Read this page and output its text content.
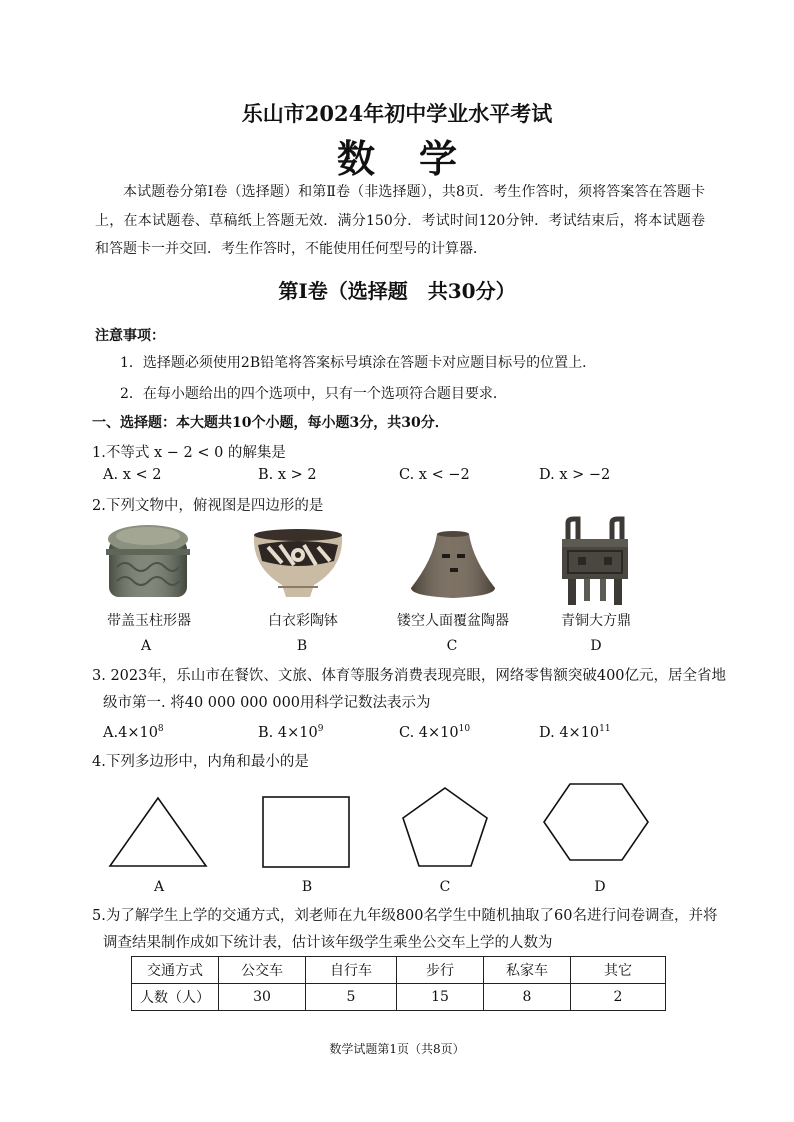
乐山市2024年初中学业水平考试
数学
本试题卷分第Ⅰ卷（选择题）和第Ⅱ卷（非选择题），共8页．考生作答时，须将答案答在答题卡上，在本试题卷、草稿纸上答题无效．满分150分．考试时间120分钟．考试结束后，将本试题卷和答题卡一并交回．考生作答时，不能使用任何型号的计算器．
第Ⅰ卷（选择题　共30分）
注意事项：
1．选择题必须使用2B铅笔将答案标号填涂在答题卡对应题目标号的位置上．
2．在每小题给出的四个选项中，只有一个选项符合题目要求．
一、选择题：本大题共10个小题，每小题3分，共30分．
1.不等式 x − 2 < 0 的解集是
A. x < 2	B. x > 2	C. x < −2	D. x > −2
2.下列文物中，俯视图是四边形的是
带盖玉柱形器	白衣彩陶钵	镂空人面覆盆陶器	青铜大方鼎
A	B	C	D
3. 2023年，乐山市在餐饮、文旅、体育等服务消费表现亮眼，网络零售额突破400亿元，居全省地
级市第一. 将40 000 000 000用科学记数法表示为
$A.4\times 10^8$	B. $4\times 10^9$	C. $4\times 10^{10}$	D. $4\times 10^{11}$
4.下列多边形中，内角和最小的是
A	B	C	D
5.为了解学生上学的交通方式，刘老师在九年级800名学生中随机抽取了60名进行问卷调查，并将
调查结果制作成如下统计表，估计该年级学生乘坐公交车上学的人数为
交通方式	公交车	自行车	步行	私家车	其它
人数（人）	30	5	15	8	2
数学试题第1页（共8页）
